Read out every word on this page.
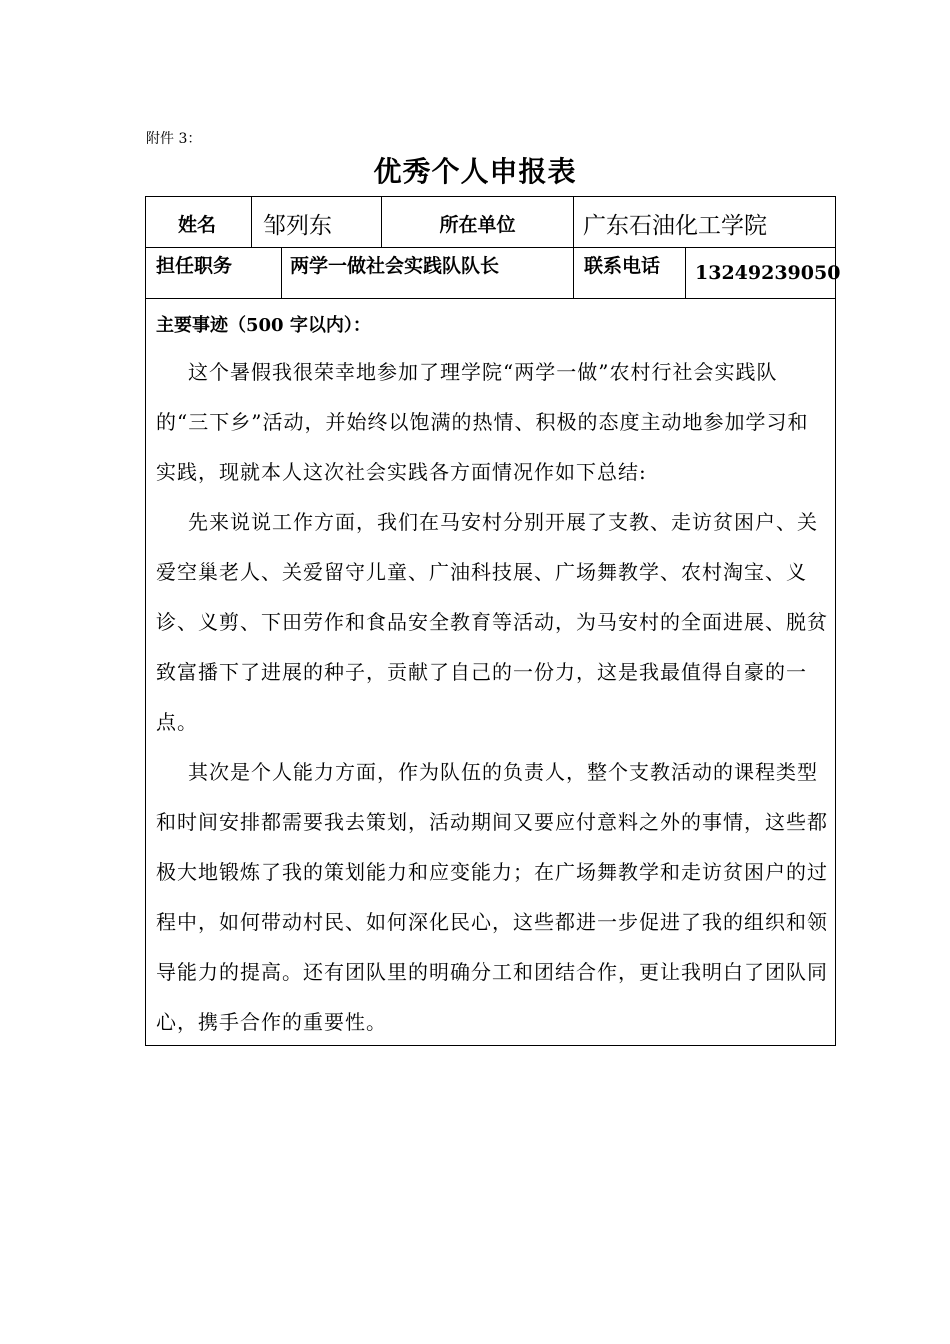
附件 3：
优秀个人申报表
姓名 邹列东	所在单位	广东石油化工学院
担任职务	两学一做社会实践队队长	联系电话 13249239050

主要事迹（500 字以内）：

这个暑假我很荣幸地参加了理学院“两学一做”农村行社会实践队的“三下乡”活动，并始终以饱满的热情、积极的态度主动地参加学习和实践，现就本人这次社会实践各方面情况作如下总结:

先来说说工作方面，我们在马安村分别开展了支教、走访贫困户、关爱空巢老人、关爱留守儿童、广油科技展、广场舞教学、农村淘宝、义诊、义剪、下田劳作和食品安全教育等活动，为马安村的全面进展、脱贫致富播下了进展的种子，贡献了自己的一份力，这是我最值得自豪的一点。

其次是个人能力方面，作为队伍的负责人，整个支教活动的课程类型和时间安排都需要我去策划，活动期间又要应付意料之外的事情，这些都极大地锻炼了我的策划能力和应变能力；在广场舞教学和走访贫困户的过程中，如何带动村民、如何深化民心，这些都进一步促进了我的组织和领导能力的提高。还有团队里的明确分工和团结合作，更让我明白了团队同心，携手合作的重要性。
